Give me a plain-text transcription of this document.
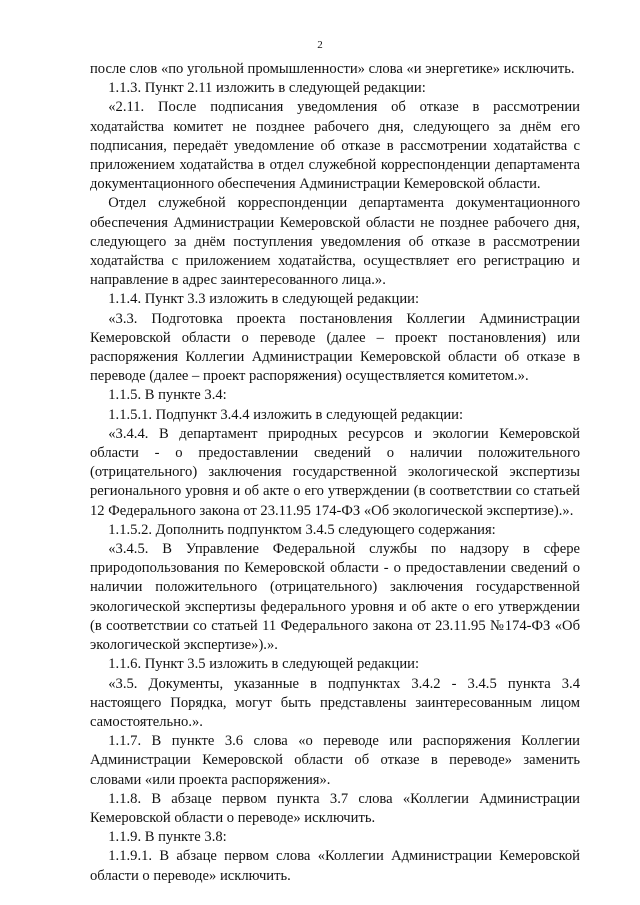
2

после слов «по угольной промышленности» слова «и энергетике» исключить.

1.1.3. Пункт 2.11 изложить в следующей редакции:

«2.11. После подписания уведомления об отказе в рассмотрении ходатайства комитет не позднее рабочего дня, следующего за днём его подписания, передаёт уведомление об отказе в рассмотрении ходатайства с приложением ходатайства в отдел служебной корреспонденции департамента документационного обеспечения Администрации Кемеровской области.

Отдел служебной корреспонденции департамента документационного обеспечения Администрации Кемеровской области не позднее рабочего дня, следующего за днём поступления уведомления об отказе в рассмотрении ходатайства с приложением ходатайства, осуществляет его регистрацию и направление в адрес заинтересованного лица.».

1.1.4. Пункт 3.3 изложить в следующей редакции:

«3.3. Подготовка проекта постановления Коллегии Администрации Кемеровской области о переводе (далее – проект постановления) или распоряжения Коллегии Администрации Кемеровской области об отказе в переводе (далее – проект распоряжения) осуществляется комитетом.».

1.1.5. В пункте 3.4:

1.1.5.1. Подпункт 3.4.4 изложить в следующей редакции:

«3.4.4. В департамент природных ресурсов и экологии Кемеровской области - о предоставлении сведений о наличии положительного (отрицательного) заключения государственной экологической экспертизы регионального уровня и об акте о его утверждении (в соответствии со статьей 12 Федерального закона от 23.11.95 174-ФЗ «Об экологической экспертизе).».

1.1.5.2. Дополнить подпунктом 3.4.5 следующего содержания:

«3.4.5. В Управление Федеральной службы по надзору в сфере природопользования по Кемеровской области - о предоставлении сведений о наличии положительного (отрицательного) заключения государственной экологической экспертизы федерального уровня и об акте о его утверждении (в соответствии со статьей 11 Федерального закона от 23.11.95 №174-ФЗ «Об экологической экспертизе»).».

1.1.6. Пункт 3.5 изложить в следующей редакции:

«3.5. Документы, указанные в подпунктах 3.4.2 - 3.4.5 пункта 3.4 настоящего Порядка, могут быть представлены заинтересованным лицом самостоятельно.».

1.1.7. В пункте 3.6 слова «о переводе или распоряжения Коллегии Администрации Кемеровской области об отказе в переводе» заменить словами «или проекта распоряжения».

1.1.8. В абзаце первом пункта 3.7 слова «Коллегии Администрации Кемеровской области о переводе» исключить.

1.1.9. В пункте 3.8:

1.1.9.1. В абзаце первом слова «Коллегии Администрации Кемеровской области о переводе» исключить.
